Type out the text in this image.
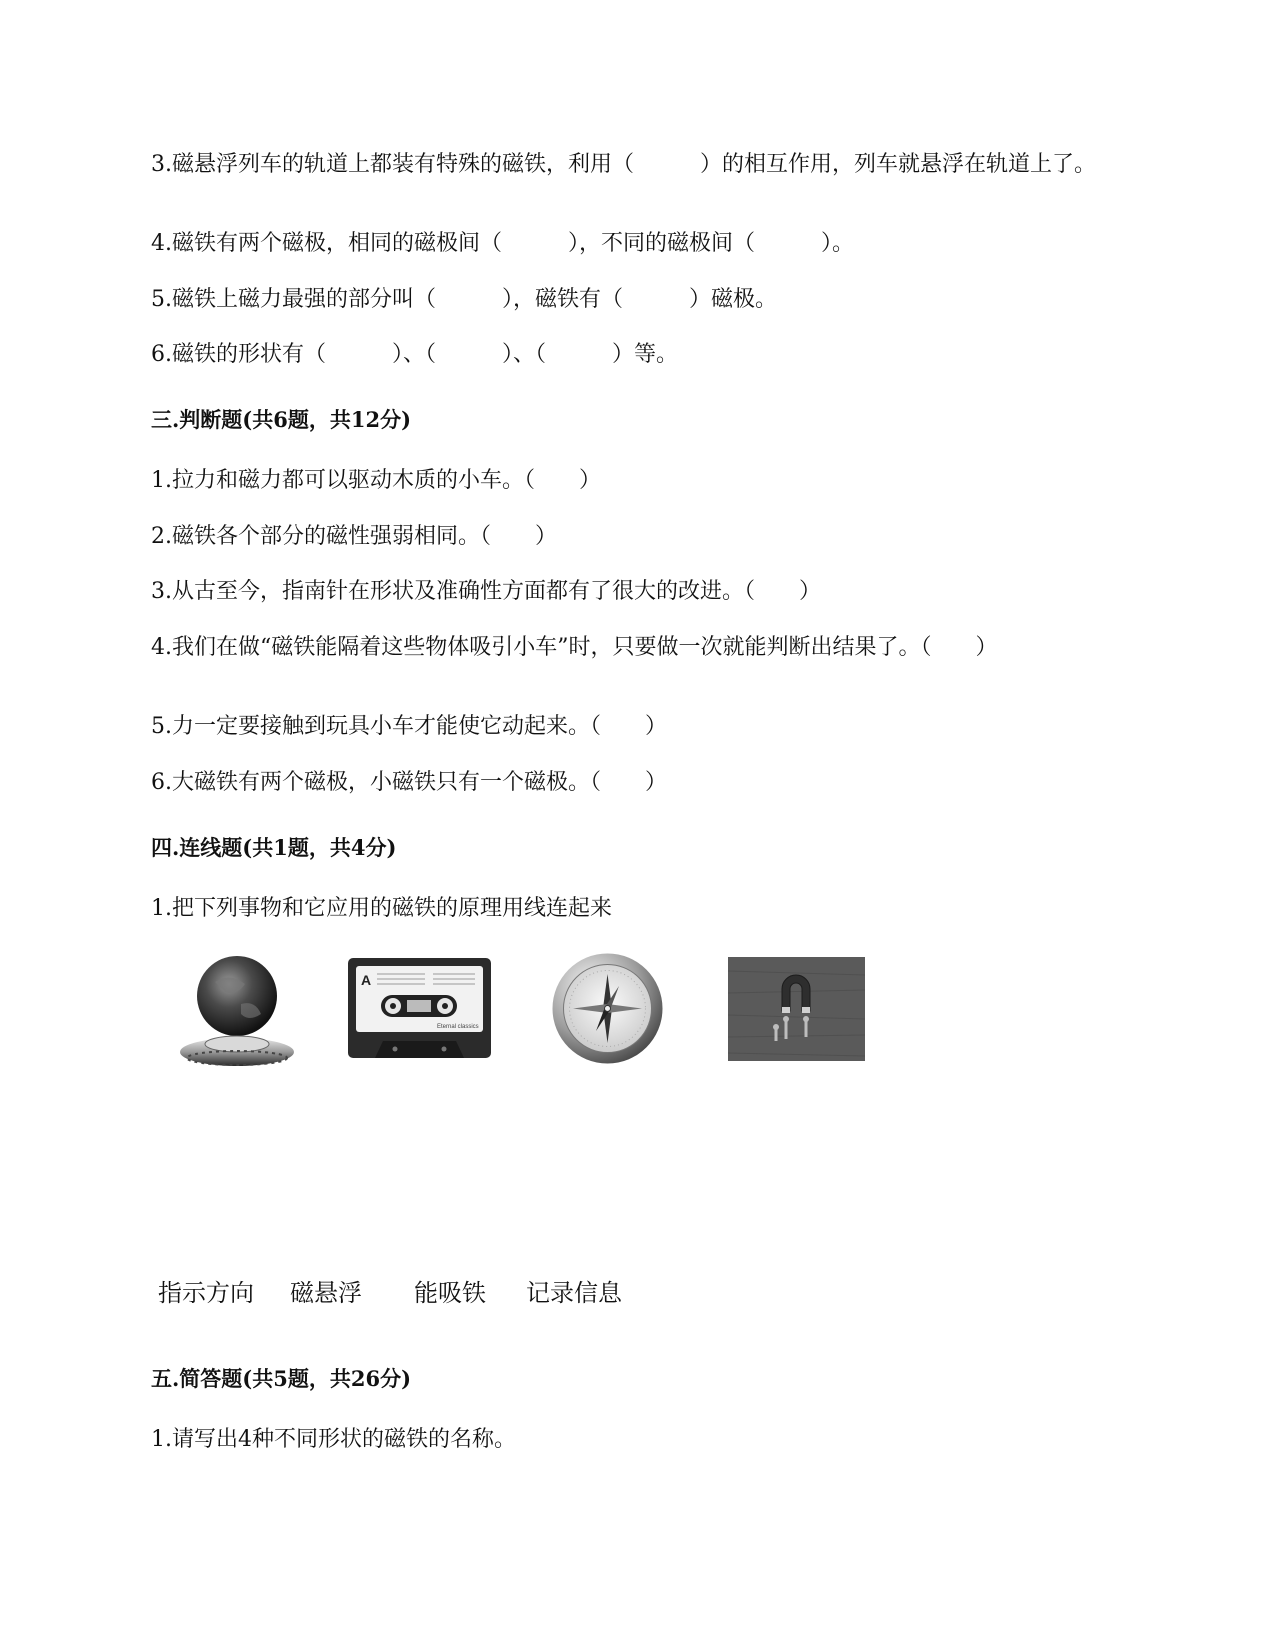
3.磁悬浮列车的轨道上都装有特殊的磁铁，利用（　　　）的相互作用，列车就悬浮在轨道上了。
4.磁铁有两个磁极，相同的磁极间（　　　），不同的磁极间（　　　）。
5.磁铁上磁力最强的部分叫（　　　），磁铁有（　　　）磁极。
6.磁铁的形状有（　　　）、（　　　）、（　　　）等。
三.判断题(共6题，共12分)
1.拉力和磁力都可以驱动木质的小车。（　　）
2.磁铁各个部分的磁性强弱相同。（　　）
3.从古至今，指南针在形状及准确性方面都有了很大的改进。（　　）
4.我们在做“磁铁能隔着这些物体吸引小车”时，只要做一次就能判断出结果了。（　　）
5.力一定要接触到玩具小车才能使它动起来。（　　）
6.大磁铁有两个磁极，小磁铁只有一个磁极。（　　）
四.连线题(共1题，共4分)
1.把下列事物和它应用的磁铁的原理用线连起来
A
Eternal classics
指示方向 磁悬浮 能吸铁 记录信息
五.简答题(共5题，共26分)
1.请写出4种不同形状的磁铁的名称。
